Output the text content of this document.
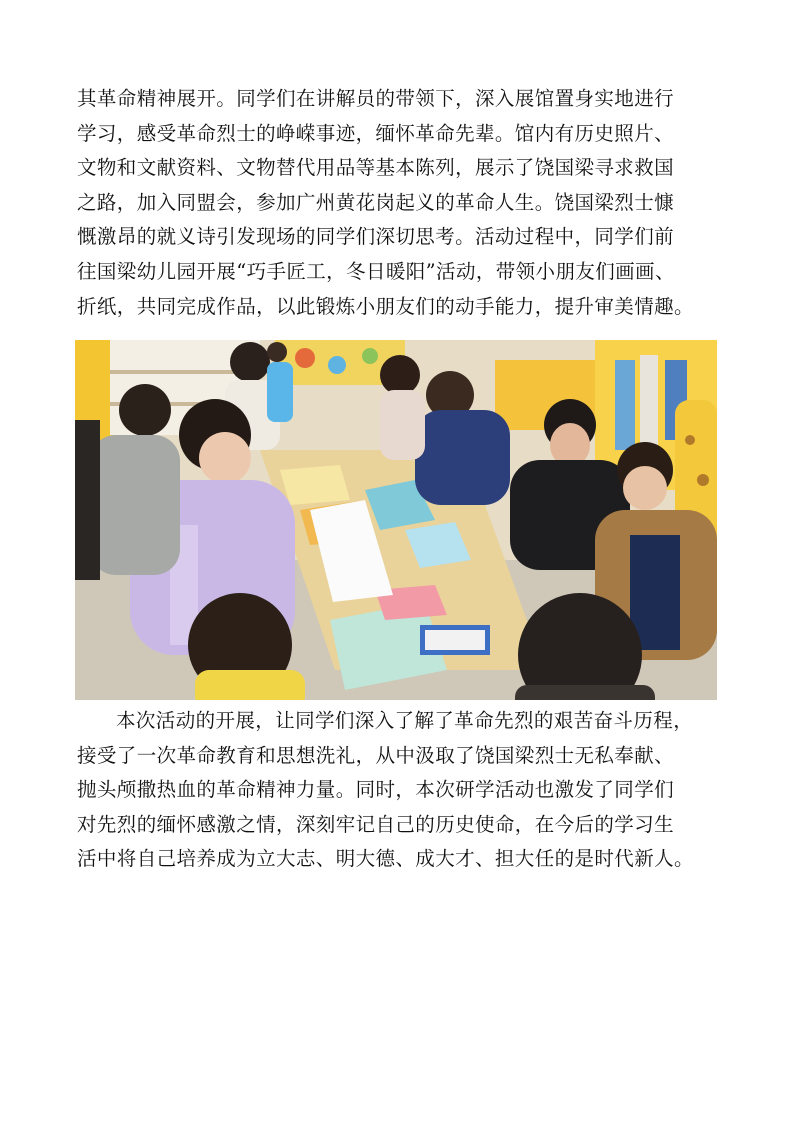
其革命精神展开。同学们在讲解员的带领下，深入展馆置身实地进行
学习，感受革命烈士的峥嵘事迹，缅怀革命先辈。馆内有历史照片、
文物和文献资料、文物替代用品等基本陈列，展示了饶国梁寻求救国
之路，加入同盟会，参加广州黄花岗起义的革命人生。饶国梁烈士慷
慨激昂的就义诗引发现场的同学们深切思考。活动过程中，同学们前
往国梁幼儿园开展“巧手匠工，冬日暖阳”活动，带领小朋友们画画、
折纸，共同完成作品，以此锻炼小朋友们的动手能力，提升审美情趣。
本次活动的开展，让同学们深入了解了革命先烈的艰苦奋斗历程，
接受了一次革命教育和思想洗礼，从中汲取了饶国梁烈士无私奉献、
抛头颅撒热血的革命精神力量。同时，本次研学活动也激发了同学们
对先烈的缅怀感激之情，深刻牢记自己的历史使命，在今后的学习生
活中将自己培养成为立大志、明大德、成大才、担大任的是时代新人。
